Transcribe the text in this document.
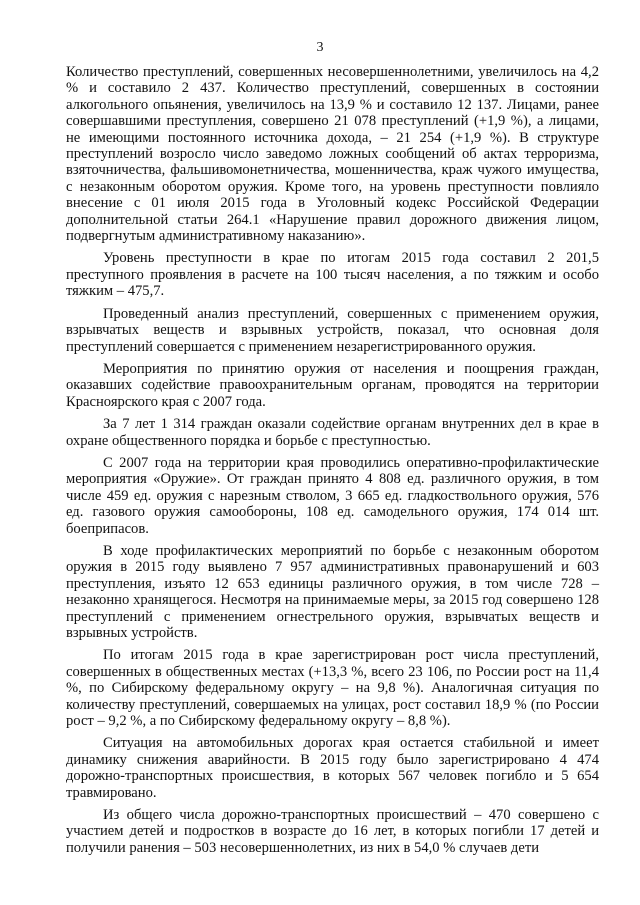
3

Количество преступлений, совершенных несовершеннолетними, увеличилось на 4,2 % и составило 2 437. Количество преступлений, совершенных в состоянии алкогольного опьянения, увеличилось на 13,9 % и составило 12 137. Лицами, ранее совершавшими преступления, совершено 21 078 преступлений (+1,9 %), а лицами, не имеющими постоянного источника дохода, – 21 254 (+1,9 %). В структуре преступлений возросло число заведомо ложных сообщений об актах терроризма, взяточничества, фальшивомонетничества, мошенничества, краж чужого имущества, с незаконным оборотом оружия. Кроме того, на уровень преступности повлияло внесение с 01 июля 2015 года в Уголовный кодекс Российской Федерации дополнительной статьи 264.1 «Нарушение правил дорожного движения лицом, подвергнутым административному наказанию».

Уровень преступности в крае по итогам 2015 года составил 2 201,5 преступного проявления в расчете на 100 тысяч населения, а по тяжким и особо тяжким – 475,7.

Проведенный анализ преступлений, совершенных с применением оружия, взрывчатых веществ и взрывных устройств, показал, что основная доля преступлений совершается с применением незарегистрированного оружия.

Мероприятия по принятию оружия от населения и поощрения граждан, оказавших содействие правоохранительным органам, проводятся на территории Красноярского края с 2007 года.

За 7 лет 1 314 граждан оказали содействие органам внутренних дел в крае в охране общественного порядка и борьбе с преступностью.

С 2007 года на территории края проводились оперативно-профилактические мероприятия «Оружие». От граждан принято 4 808 ед. различного оружия, в том числе 459 ед. оружия с нарезным стволом, 3 665 ед. гладкоствольного оружия, 576 ед. газового оружия самообороны, 108 ед. самодельного оружия, 174 014 шт. боеприпасов.

В ходе профилактических мероприятий по борьбе с незаконным оборотом оружия в 2015 году выявлено 7 957 административных правонарушений и 603 преступления, изъято 12 653 единицы различного оружия, в том числе 728 – незаконно хранящегося. Несмотря на принимаемые меры, за 2015 год совершено 128 преступлений с применением огнестрельного оружия, взрывчатых веществ и взрывных устройств.

По итогам 2015 года в крае зарегистрирован рост числа преступлений, совершенных в общественных местах (+13,3 %, всего 23 106, по России рост на 11,4 %, по Сибирскому федеральному округу – на 9,8 %). Аналогичная ситуация по количеству преступлений, совершаемых на улицах, рост составил 18,9 % (по России рост – 9,2 %, а по Сибирскому федеральному округу – 8,8 %).

Ситуация на автомобильных дорогах края остается стабильной и имеет динамику снижения аварийности. В 2015 году было зарегистрировано 4 474 дорожно-транспортных происшествия, в которых 567 человек погибло и 5 654 травмировано.

Из общего числа дорожно-транспортных происшествий – 470 совершено с участием детей и подростков в возрасте до 16 лет, в которых погибли 17 детей и получили ранения – 503 несовершеннолетних, из них в 54,0 % случаев дети
